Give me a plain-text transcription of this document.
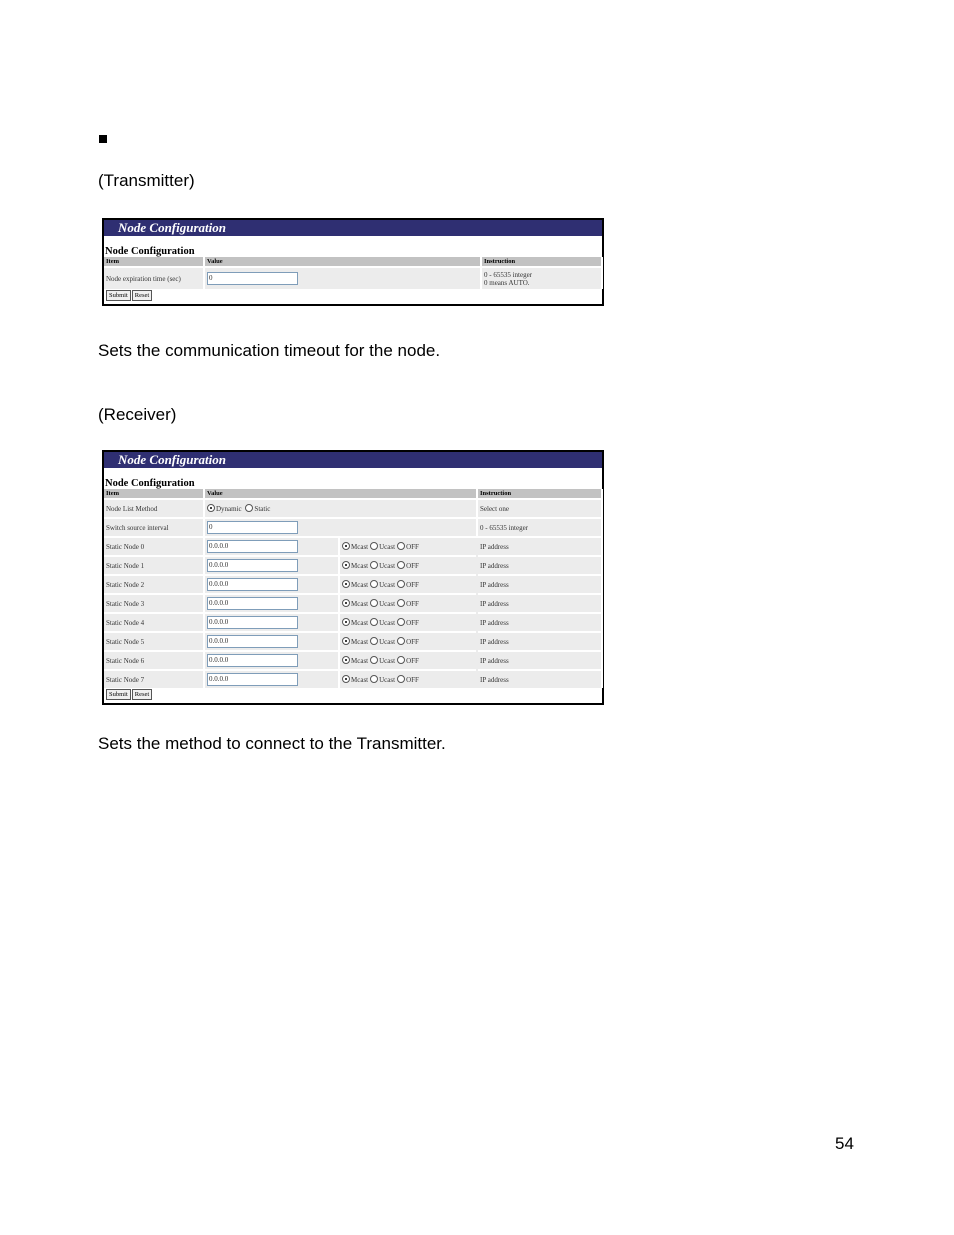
(Transmitter)
Node Configuration
Node Configuration
Item	Value	Instruction
Node expiration time (sec)	0	0 - 65535 integer
0 means AUTO.
Submit Reset
Sets the communication timeout for the node.
(Receiver)
Node Configuration
Node Configuration
Item	Value		Instruction
Node List Method	Dynamic Static		Select one
Switch source interval	0		0 - 65535 integer
Static Node 0	0.0.0.0	Mcast Ucast OFF	IP address
Static Node 1	0.0.0.0	Mcast Ucast OFF	IP address
Static Node 2	0.0.0.0	Mcast Ucast OFF	IP address
Static Node 3	0.0.0.0	Mcast Ucast OFF	IP address
Static Node 4	0.0.0.0	Mcast Ucast OFF	IP address
Static Node 5	0.0.0.0	Mcast Ucast OFF	IP address
Static Node 6	0.0.0.0	Mcast Ucast OFF	IP address
Static Node 7	0.0.0.0	Mcast Ucast OFF	IP address
Submit Reset
Sets the method to connect to the Transmitter.
54
